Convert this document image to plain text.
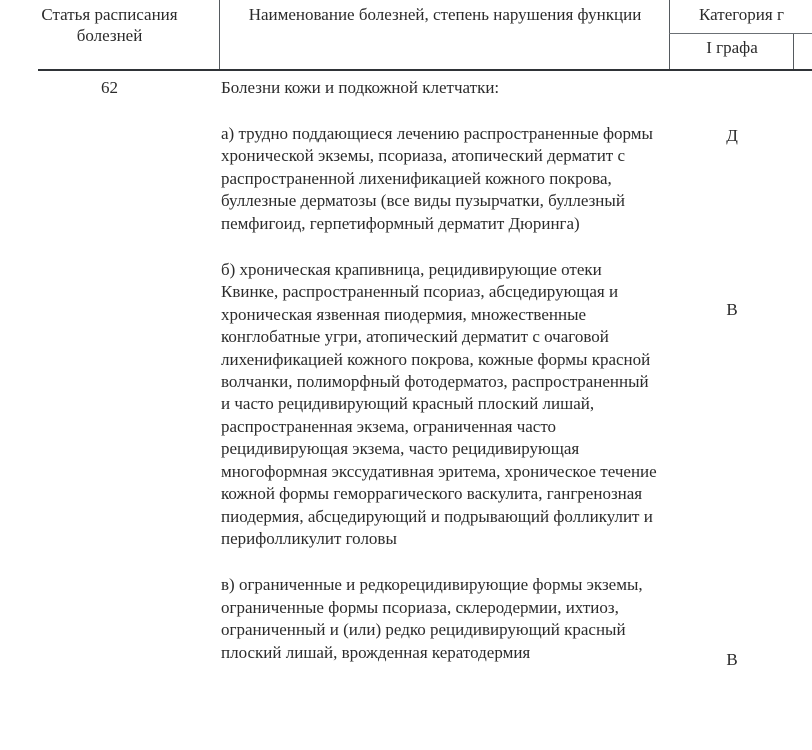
Статья расписания болезней
Наименование болезней, степень нарушения функции	Категория г
I графа
62	Болезни кожи и подкожной клетчатки:

а) трудно поддающиеся лечению распространенные формы хронической экземы, псориаза, атопический дерматит с распространенной лихенификацией кожного покрова, буллезные дерматозы (все виды пузырчатки, буллезный пемфигоид, герпетиформный дерматит Дюринга)

б) хроническая крапивница, рецидивирующие отеки Квинке, распространенный псориаз, абсцедирующая и хроническая язвенная пиодермия, множественные конглобатные угри, атопический дерматит с очаговой лихенификацией кожного покрова, кожные формы красной волчанки, полиморфный фотодерматоз, распространенный и часто рецидивирующий красный плоский лишай, распространенная экзема, ограниченная часто рецидивирующая экзема, часто рецидивирующая многоформная экссудативная эритема, хроническое течение кожной формы геморрагического васкулита, гангренозная пиодермия, абсцедирующий и подрывающий фолликулит и перифолликулит головы

в) ограниченные и редкорецидивирующие формы экземы, ограниченные формы псориаза, склеродермии, ихтиоз, ограниченный и (или) редко рецидивирующий красный плоский лишай, врожденная кератодермия

Д
В
В
